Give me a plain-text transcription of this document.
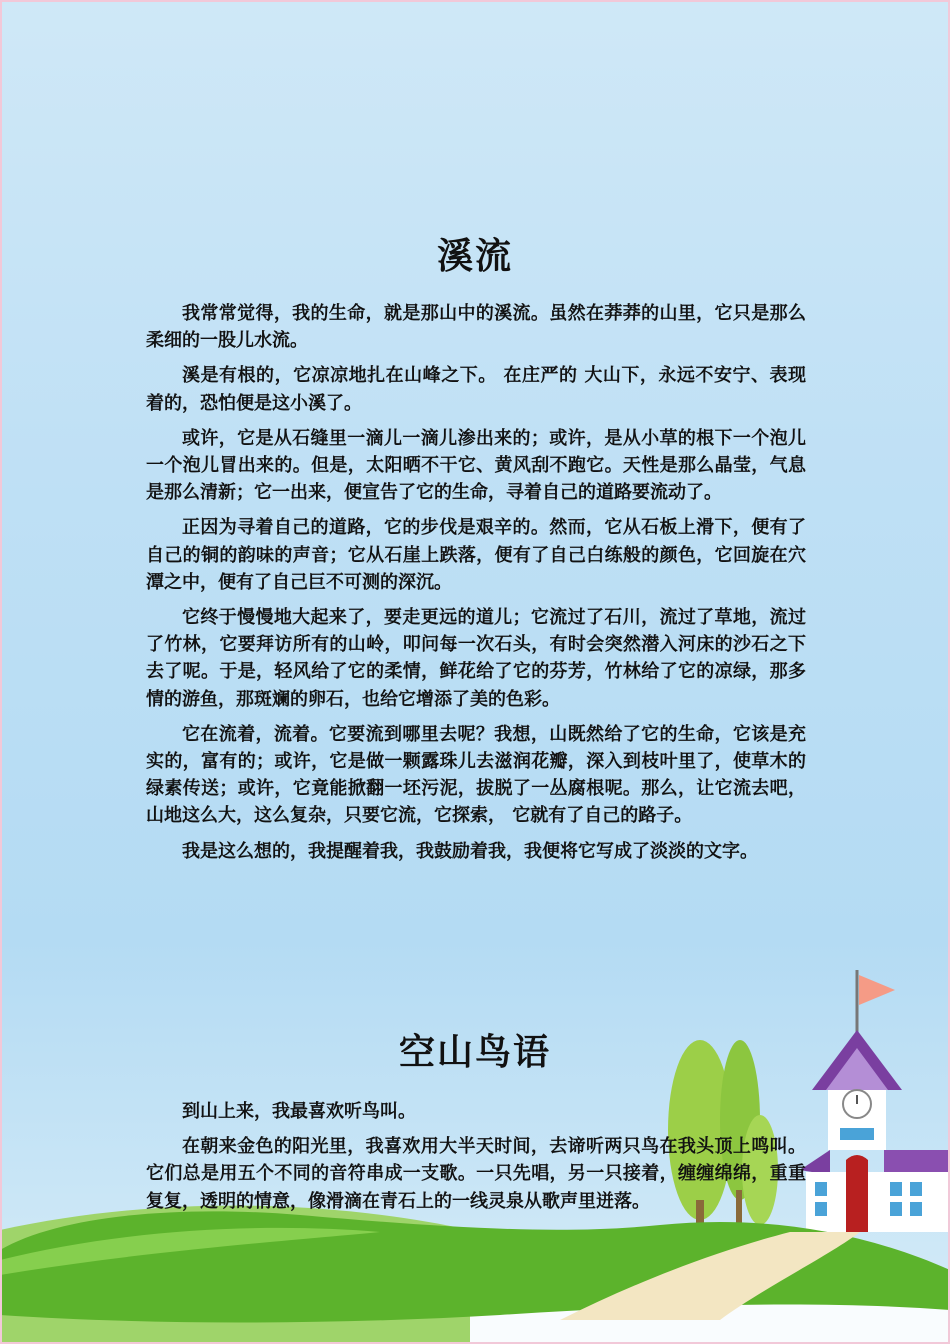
溪流

我常常觉得，我的生命，就是那山中的溪流。虽然在莽莽的山里，它只是那么柔细的一股儿水流。

溪是有根的，它凉凉地扎在山峰之下。 在庄严的 大山下，永远不安宁、表现着的，恐怕便是这小溪了。

或许，它是从石缝里一滴儿一滴儿渗出来的；或许，是从小草的根下一个泡儿一个泡儿冒出来的。但是，太阳晒不干它、黄风刮不跑它。天性是那么晶莹，气息是那么清新；它一出来，便宣告了它的生命，寻着自己的道路要流动了。

正因为寻着自己的道路，它的步伐是艰辛的。然而，它从石板上滑下，便有了自己的铜的韵味的声音；它从石崖上跌落，便有了自己白练般的颜色，它回旋在穴潭之中，便有了自己巨不可测的深沉。

它终于慢慢地大起来了，要走更远的道儿；它流过了石川，流过了草地，流过了竹林，它要拜访所有的山岭，叩问每一次石头，有时会突然潜入河床的沙石之下去了呢。于是，轻风给了它的柔情，鲜花给了它的芬芳，竹林给了它的凉绿，那多情的游鱼，那斑斓的卵石，也给它增添了美的色彩。

它在流着，流着。它要流到哪里去呢？我想，山既然给了它的生命，它该是充实的，富有的；或许，它是做一颗露珠儿去滋润花瓣，深入到枝叶里了，使草木的绿素传送；或许，它竟能掀翻一坯污泥，拔脱了一丛腐根呢。那么，让它流去吧，山地这么大，这么复杂，只要它流，它探索， 它就有了自己的路子。

我是这么想的，我提醒着我，我鼓励着我，我便将它写成了淡淡的文字。

空山鸟语

到山上来，我最喜欢听鸟叫。

在朝来金色的阳光里，我喜欢用大半天时间，去谛听两只鸟在我头顶上鸣叫。它们总是用五个不同的音符串成一支歌。一只先唱，另一只接着，缠缠绵绵，重重复复，透明的情意，像滑滴在青石上的一线灵泉从歌声里迸落。
